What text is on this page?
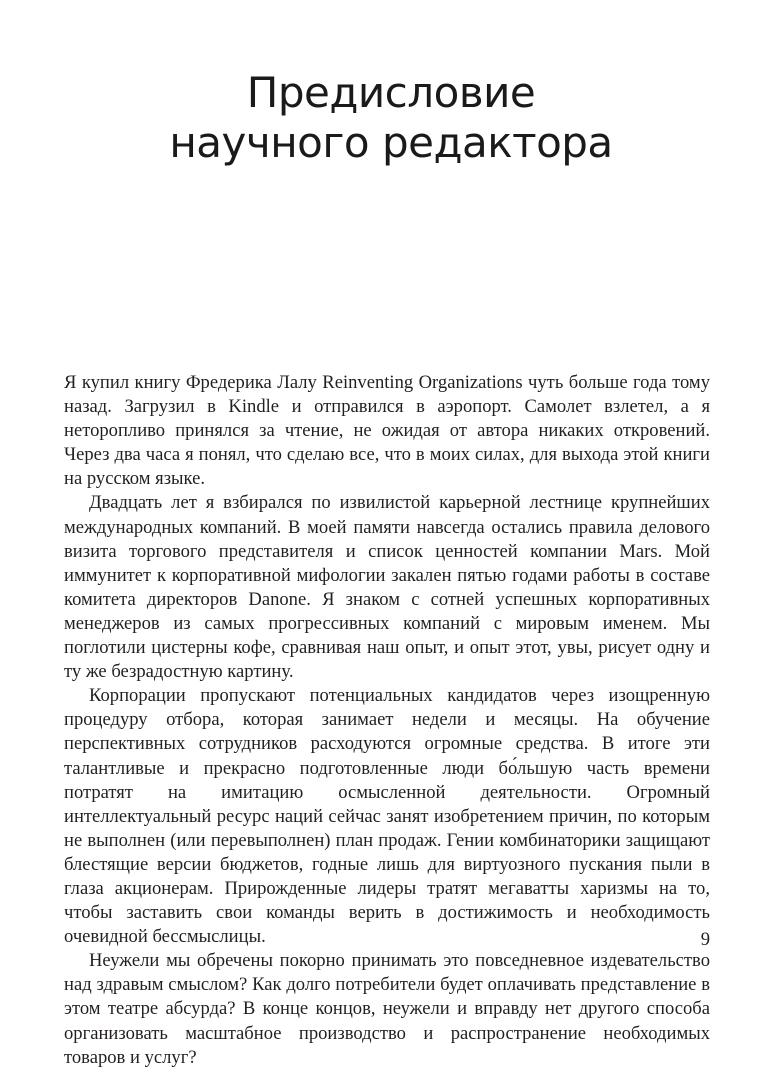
Предисловие
научного редактора

Я купил книгу Фредерика Лалу Reinventing Organizations чуть больше года тому назад. Загрузил в Kindle и отправился в аэропорт. Самолет взлетел, а я неторопливо принялся за чтение, не ожидая от автора никаких откровений. Через два часа я понял, что сделаю все, что в моих силах, для выхода этой книги на русском языке.

Двадцать лет я взбирался по извилистой карьерной лестнице крупнейших международных компаний. В моей памяти навсегда остались правила делового визита торгового представителя и список ценностей компании Mars. Мой иммунитет к корпоративной мифологии закален пятью годами работы в составе комитета директоров Danone. Я знаком с сотней успешных корпоративных менеджеров из самых прогрессивных компаний с мировым именем. Мы поглотили цистерны кофе, сравнивая наш опыт, и опыт этот, увы, рисует одну и ту же безрадостную картину.

Корпорации пропускают потенциальных кандидатов через изощренную процедуру отбора, которая занимает недели и месяцы. На обучение перспективных сотрудников расходуются огромные средства. В итоге эти талантливые и прекрасно подготовленные люди бо́льшую часть времени потратят на имитацию осмысленной деятельности. Огромный интеллектуальный ресурс наций сейчас занят изобретением причин, по которым не выполнен (или перевыполнен) план продаж. Гении комбинаторики защищают блестящие версии бюджетов, годные лишь для виртуозного пускания пыли в глаза акционерам. Прирожденные лидеры тратят мегаватты харизмы на то, чтобы заставить свои команды верить в достижимость и необходимость очевидной бессмыслицы.

Неужели мы обречены покорно принимать это повседневное издевательство над здравым смыслом? Как долго потребители будет оплачивать представление в этом театре абсурда? В конце концов, неужели и вправду нет другого способа организовать масштабное производство и распространение необходимых товаров и услуг?

9
